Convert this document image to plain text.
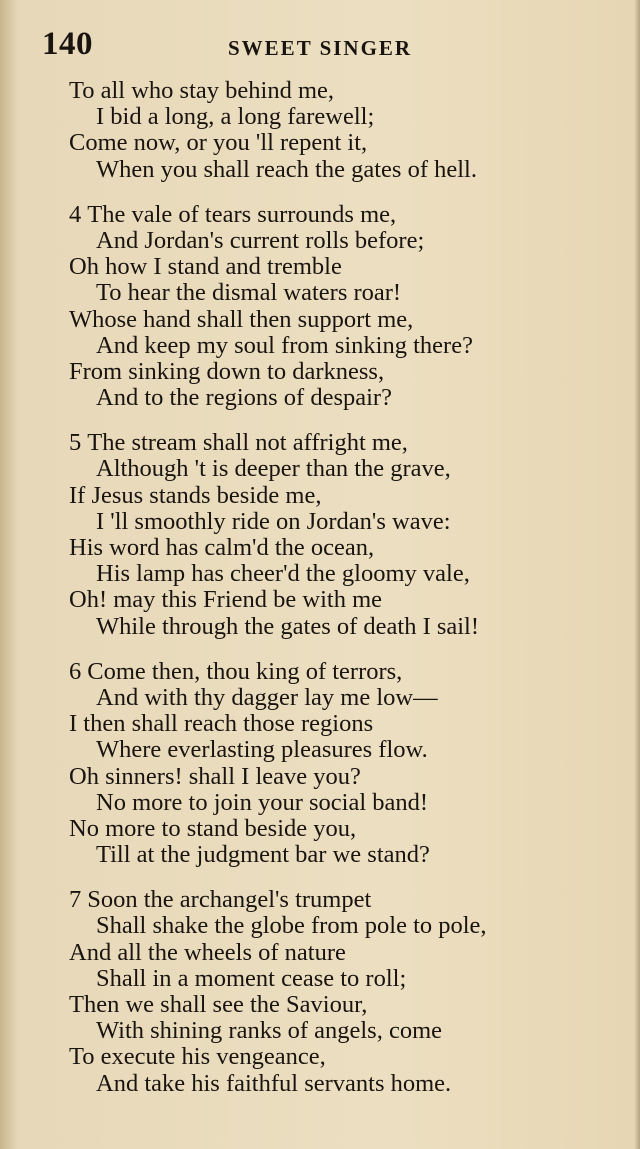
140	SWEET SINGER
To all who stay behind me,
I bid a long, a long farewell;
Come now, or you 'll repent it,
When you shall reach the gates of hell.
4 The vale of tears surrounds me,
And Jordan's current rolls before;
Oh how I stand and tremble
To hear the dismal waters roar!
Whose hand shall then support me,
And keep my soul from sinking there?
From sinking down to darkness,
And to the regions of despair?
5 The stream shall not affright me,
Although 't is deeper than the grave,
If Jesus stands beside me,
I 'll smoothly ride on Jordan's wave:
His word has calm'd the ocean,
His lamp has cheer'd the gloomy vale,
Oh! may this Friend be with me
While through the gates of death I sail!
6 Come then, thou king of terrors,
And with thy dagger lay me low—
I then shall reach those regions
Where everlasting pleasures flow.
Oh sinners! shall I leave you?
No more to join your social band!
No more to stand beside you,
Till at the judgment bar we stand?
7 Soon the archangel's trumpet
Shall shake the globe from pole to pole,
And all the wheels of nature
Shall in a moment cease to roll;
Then we shall see the Saviour,
With shining ranks of angels, come
To execute his vengeance,
And take his faithful servants home.
